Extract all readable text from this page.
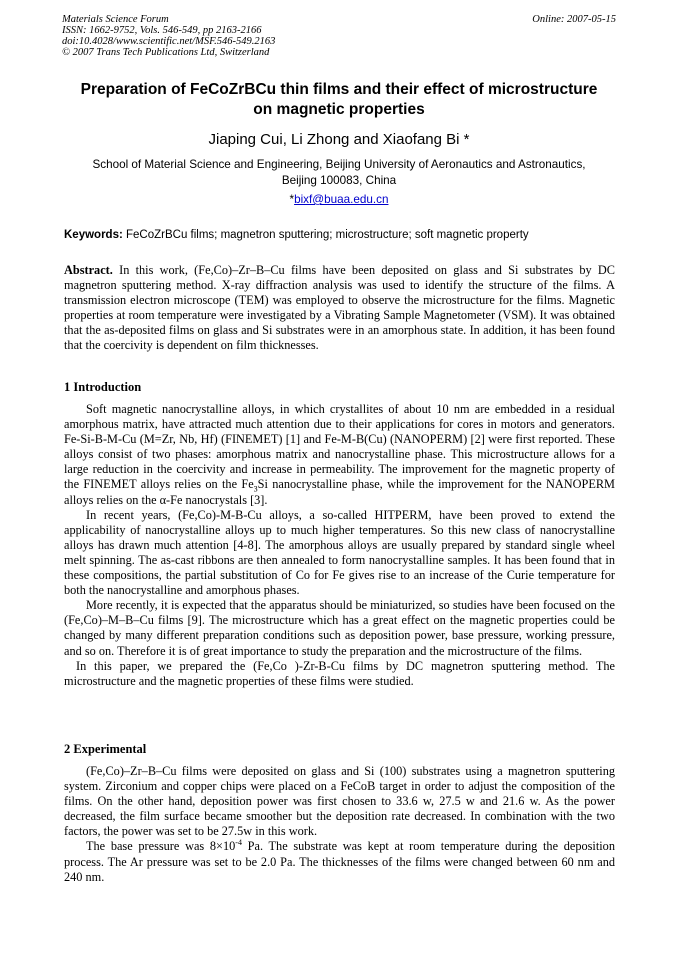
Materials Science Forum
ISSN: 1662-9752, Vols. 546-549, pp 2163-2166
doi:10.4028/www.scientific.net/MSF.546-549.2163
© 2007 Trans Tech Publications Ltd, Switzerland
Online: 2007-05-15
Preparation of FeCoZrBCu thin films and their effect of microstructure
on magnetic properties
Jiaping Cui, Li Zhong and Xiaofang Bi *
School of Material Science and Engineering, Beijing University of Aeronautics and Astronautics,
Beijing 100083, China
*bixf@buaa.edu.cn
Keywords: FeCoZrBCu films; magnetron sputtering; microstructure; soft magnetic property

Abstract. In this work, (Fe,Co)–Zr–B–Cu films have been deposited on glass and Si substrates by DC magnetron sputtering method. X-ray diffraction analysis was used to identify the structure of the films. A transmission electron microscope (TEM) was employed to observe the microstructure for the films. Magnetic properties at room temperature were investigated by a Vibrating Sample Magnetometer (VSM). It was obtained that the as-deposited films on glass and Si substrates were in an amorphous state. In addition, it has been found that the coercivity is dependent on film thicknesses.

1 Introduction

Soft magnetic nanocrystalline alloys, in which crystallites of about 10 nm are embedded in a residual amorphous matrix, have attracted much attention due to their applications for cores in motors and generators. Fe-Si-B-M-Cu (M=Zr, Nb, Hf) (FINEMET) [1] and Fe-M-B(Cu) (NANOPERM) [2] were first reported. These alloys consist of two phases: amorphous matrix and nanocrystalline phase. This microstructure allows for a large reduction in the coercivity and increase in permeability. The improvement for the magnetic property of the FINEMET alloys relies on the $Fe_3Si$ nanocrystalline phase, while the improvement for the NANOPERM alloys relies on the α-Fe nanocrystals [3].

In recent years, (Fe,Co)-M-B-Cu alloys, a so-called HITPERM, have been proved to extend the applicability of nanocrystalline alloys up to much higher temperatures. So this new class of nanocrystalline alloys has drawn much attention [4-8]. The amorphous alloys are usually prepared by standard single wheel melt spinning. The as-cast ribbons are then annealed to form nanocrystalline samples. It has been found that in these compositions, the partial substitution of Co for Fe gives rise to an increase of the Curie temperature for both the nanocrystalline and amorphous phases.

More recently, it is expected that the apparatus should be miniaturized, so studies have been focused on the (Fe,Co)–M–B–Cu films [9]. The microstructure which has a great effect on the magnetic properties could be changed by many different preparation conditions such as deposition power, base pressure, working pressure, and so on. Therefore it is of great importance to study the preparation and the microstructure of the films.

In this paper, we prepared the (Fe,Co )-Zr-B-Cu films by DC magnetron sputtering method. The microstructure and the magnetic properties of these films were studied.

2 Experimental

(Fe,Co)–Zr–B–Cu films were deposited on glass and Si (100) substrates using a magnetron sputtering system. Zirconium and copper chips were placed on a FeCoB target in order to adjust the composition of the films. On the other hand, deposition power was first chosen to 33.6 w, 27.5 w and 21.6 w. As the power decreased, the film surface became smoother but the deposition rate decreased. In combination with the two factors, the power was set to be 27.5w in this work.

The base pressure was $8\times 10^{-4}$ Pa. The substrate was kept at room temperature during the deposition process. The Ar pressure was set to be 2.0 Pa. The thicknesses of the films were changed between 60 nm and 240 nm.
